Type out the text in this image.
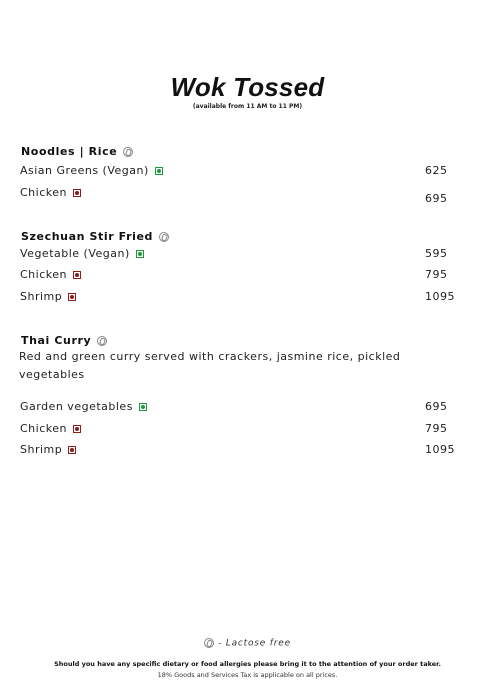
Wok Tossed
(available from 11 AM to 11 PM)
Noodles | Rice
Asian Greens (Vegan)	625
Chicken	695
Szechuan Stir Fried
Vegetable (Vegan)	595
Chicken	795
Shrimp	1095
Thai Curry
Red and green curry served with crackers, jasmine rice, pickled vegetables
Garden vegetables	695
Chicken	795
Shrimp	1095
- Lactose free
Should you have any specific dietary or food allergies please bring it to the attention of your order taker.
18% Goods and Services Tax is applicable on all prices.
